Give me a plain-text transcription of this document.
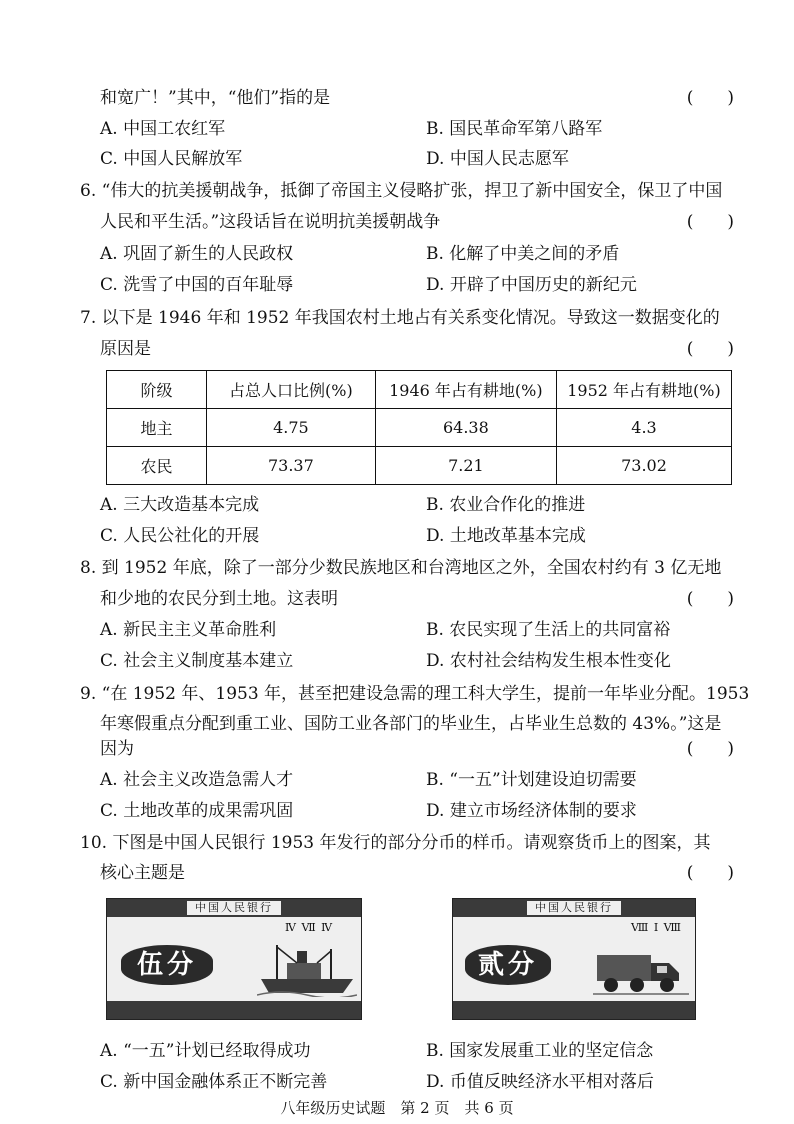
和宽广！”其中，“他们”指的是	(　　)
A. 中国工农红军	B. 国民革命军第八路军
C. 中国人民解放军	D. 中国人民志愿军
6. “伟大的抗美援朝战争，抵御了帝国主义侵略扩张，捍卫了新中国安全，保卫了中国
人民和平生活。”这段话旨在说明抗美援朝战争	(　　)
A. 巩固了新生的人民政权	B. 化解了中美之间的矛盾
C. 洗雪了中国的百年耻辱	D. 开辟了中国历史的新纪元
7. 以下是 1946 年和 1952 年我国农村土地占有关系变化情况。导致这一数据变化的
原因是	(　　)
阶级	占总人口比例(%)	1946 年占有耕地(%)	1952 年占有耕地(%)
地主	4.75	64.38	4.3
农民	73.37	7.21	73.02
A. 三大改造基本完成	B. 农业合作化的推进
C. 人民公社化的开展	D. 土地改革基本完成
8. 到 1952 年底，除了一部分少数民族地区和台湾地区之外，全国农村约有 3 亿无地
和少地的农民分到土地。这表明	(　　)
A. 新民主主义革命胜利	B. 农民实现了生活上的共同富裕
C. 社会主义制度基本建立	D. 农村社会结构发生根本性变化
9. “在 1952 年、1953 年，甚至把建设急需的理工科大学生，提前一年毕业分配。1953
年寒假重点分配到重工业、国防工业各部门的毕业生，占毕业生总数的 43%。”这是
因为	(　　)
A. 社会主义改造急需人才	B. “一五”计划建设迫切需要
C. 土地改革的成果需巩固	D. 建立市场经济体制的要求
10. 下图是中国人民银行 1953 年发行的部分分币的样币。请观察货币上的图案，其
核心主题是	(　　)
中国人民银行
Ⅳ Ⅶ Ⅳ
伍分
中国人民银行
Ⅷ Ⅰ Ⅷ
贰分
A. “一五”计划已经取得成功	B. 国家发展重工业的坚定信念
C. 新中国金融体系正不断完善	D. 币值反映经济水平相对落后
八年级历史试题　第 2 页　共 6 页
